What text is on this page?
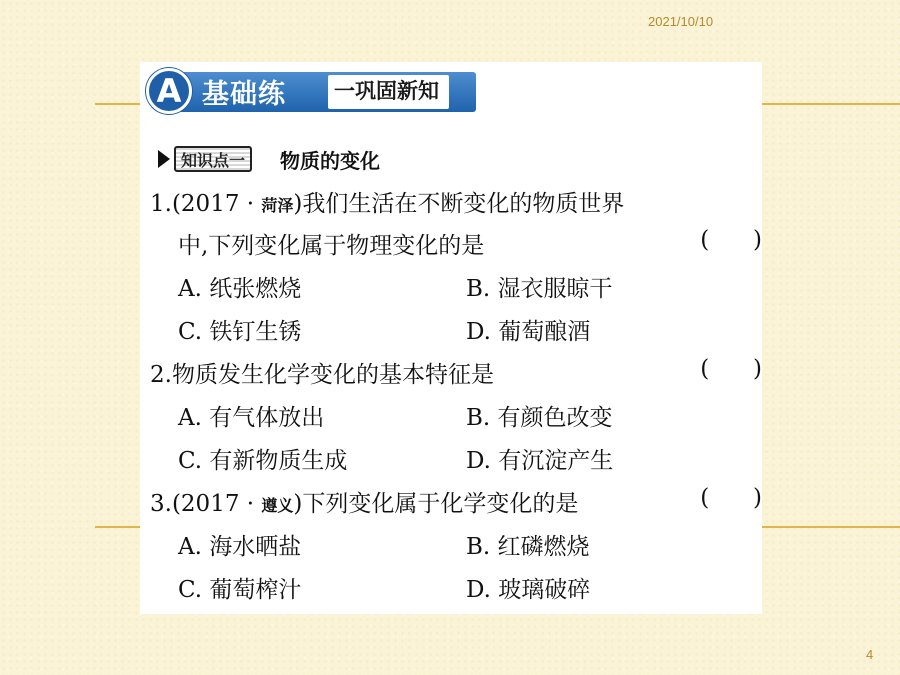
2021/10/10
4
A 基础练 一巩固新知
知识点一	物质的变化
1.(2017 · 菏泽)我们生活在不断变化的物质世界
中,下列变化属于物理变化的是	(      )
A. 纸张燃烧	B. 湿衣服晾干
C. 铁钉生锈	D. 葡萄酿酒
2.物质发生化学变化的基本特征是	(      )
A. 有气体放出	B. 有颜色改变
C. 有新物质生成	D. 有沉淀产生
3.(2017 · 遵义)下列变化属于化学变化的是	(      )
A. 海水晒盐	B. 红磷燃烧
C. 葡萄榨汁	D. 玻璃破碎
